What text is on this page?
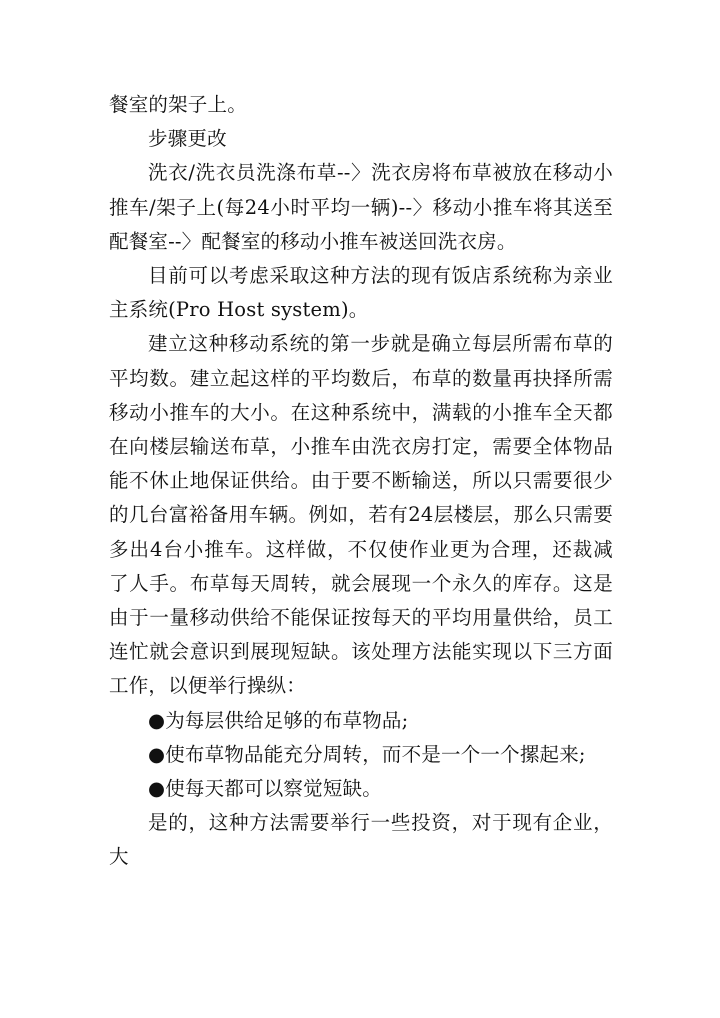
餐室的架子上。

步骤更改

洗衣/洗衣员洗涤布草--〉洗衣房将布草被放在移动小推车/架子上(每24小时平均一辆)--〉移动小推车将其送至配餐室--〉配餐室的移动小推车被送回洗衣房。

目前可以考虑采取这种方法的现有饭店系统称为亲业主系统(Pro Host system)。

建立这种移动系统的第一步就是确立每层所需布草的平均数。建立起这样的平均数后，布草的数量再抉择所需移动小推车的大小。在这种系统中，满载的小推车全天都在向楼层输送布草，小推车由洗衣房打定，需要全体物品能不休止地保证供给。由于要不断输送，所以只需要很少的几台富裕备用车辆。例如，若有24层楼层，那么只需要多出4台小推车。这样做，不仅使作业更为合理，还裁减了人手。布草每天周转，就会展现一个永久的库存。这是由于一量移动供给不能保证按每天的平均用量供给，员工连忙就会意识到展现短缺。该处理方法能实现以下三方面工作，以便举行操纵：

●为每层供给足够的布草物品;

●使布草物品能充分周转，而不是一个一个摞起来;

●使每天都可以察觉短缺。

是的，这种方法需要举行一些投资，对于现有企业，大
